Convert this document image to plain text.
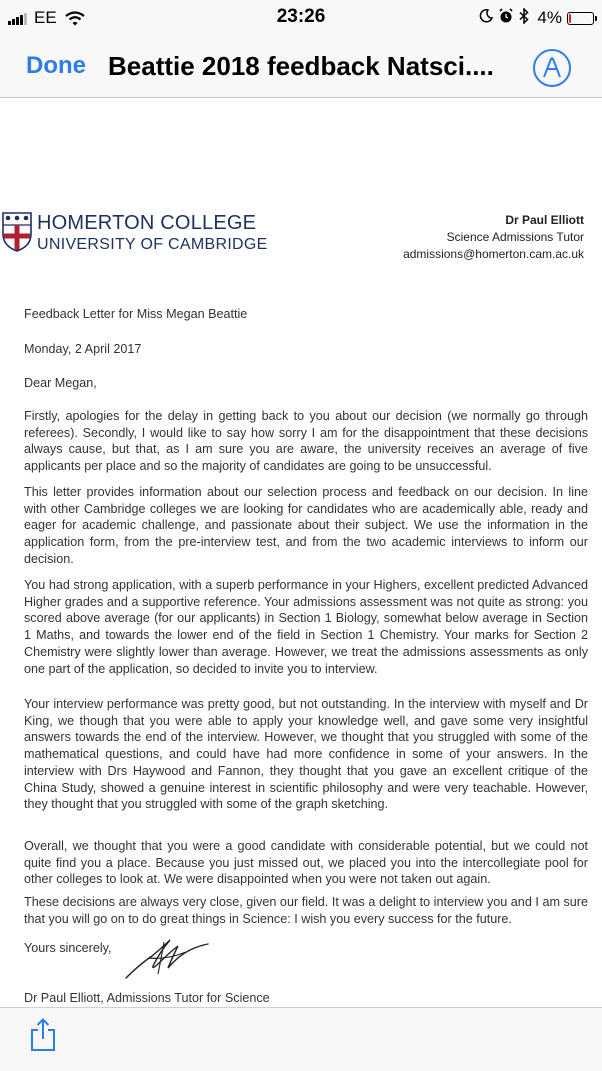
EE	23:26	4%
Done Beattie 2018 feedback Natsci....
HOMERTON COLLEGE
UNIVERSITY OF CAMBRIDGE
Dr Paul Elliott
Science Admissions Tutor
admissions@homerton.cam.ac.uk
Feedback Letter for Miss Megan Beattie
Monday, 2 April 2017
Dear Megan,
Firstly, apologies for the delay in getting back to you about our decision (we normally go through referees). Secondly, I would like to say how sorry I am for the disappointment that these decisions always cause, but that, as I am sure you are aware, the university receives an average of five applicants per place and so the majority of candidates are going to be unsuccessful.
This letter provides information about our selection process and feedback on our decision. In line with other Cambridge colleges we are looking for candidates who are academically able, ready and eager for academic challenge, and passionate about their subject. We use the information in the application form, from the pre-interview test, and from the two academic interviews to inform our decision.
You had strong application, with a superb performance in your Highers, excellent predicted Advanced Higher grades and a supportive reference. Your admissions assessment was not quite as strong: you scored above average (for our applicants) in Section 1 Biology, somewhat below average in Section 1 Maths, and towards the lower end of the field in Section 1 Chemistry. Your marks for Section 2 Chemistry were slightly lower than average. However, we treat the admissions assessments as only one part of the application, so decided to invite you to interview.
Your interview performance was pretty good, but not outstanding. In the interview with myself and Dr King, we though that you were able to apply your knowledge well, and gave some very insightful answers towards the end of the interview. However, we thought that you struggled with some of the mathematical questions, and could have had more confidence in some of your answers. In the interview with Drs Haywood and Fannon, they thought that you gave an excellent critique of the China Study, showed a genuine interest in scientific philosophy and were very teachable. However, they thought that you struggled with some of the graph sketching.
Overall, we thought that you were a good candidate with considerable potential, but we could not quite find you a place. Because you just missed out, we placed you into the intercollegiate pool for other colleges to look at. We were disappointed when you were not taken out again.
These decisions are always very close, given our field. It was a delight to interview you and I am sure that you will go on to do great things in Science: I wish you every success for the future.
Yours sincerely,
Dr Paul Elliott, Admissions Tutor for Science
